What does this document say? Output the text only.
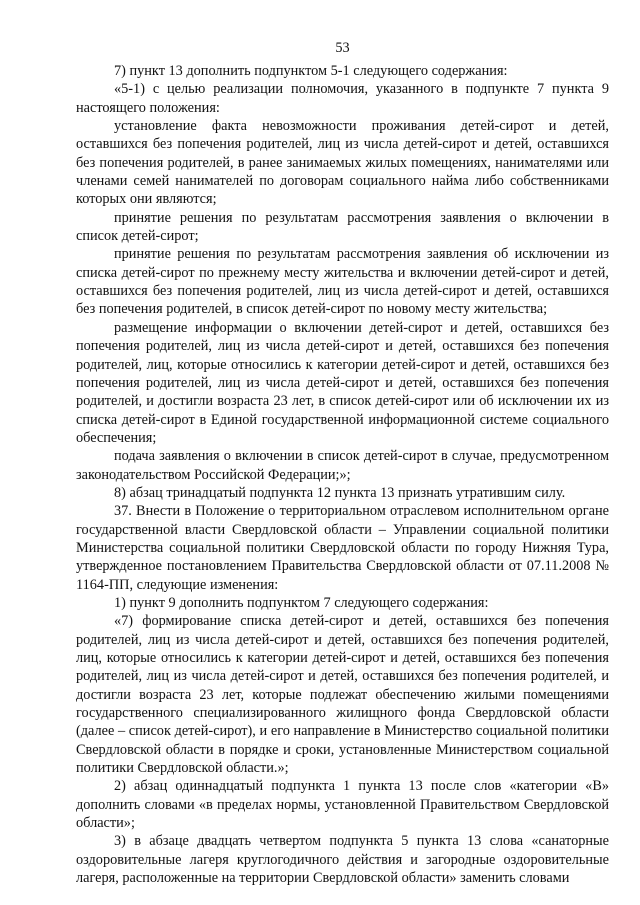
53

7) пункт 13 дополнить подпунктом 5-1 следующего содержания:

«5-1) с целью реализации полномочия, указанного в подпункте 7 пункта 9 настоящего положения:

установление факта невозможности проживания детей-сирот и детей, оставшихся без попечения родителей, лиц из числа детей-сирот и детей, оставшихся без попечения родителей, в ранее занимаемых жилых помещениях, нанимателями или членами семей нанимателей по договорам социального найма либо собственниками которых они являются;

принятие решения по результатам рассмотрения заявления о включении в список детей-сирот;

принятие решения по результатам рассмотрения заявления об исключении из списка детей-сирот по прежнему месту жительства и включении детей-сирот и детей, оставшихся без попечения родителей, лиц из числа детей-сирот и детей, оставшихся без попечения родителей, в список детей-сирот по новому месту жительства;

размещение информации о включении детей-сирот и детей, оставшихся без попечения родителей, лиц из числа детей-сирот и детей, оставшихся без попечения родителей, лиц, которые относились к категории детей-сирот и детей, оставшихся без попечения родителей, лиц из числа детей-сирот и детей, оставшихся без попечения родителей, и достигли возраста 23 лет, в список детей-сирот или об исключении их из списка детей-сирот в Единой государственной информационной системе социального обеспечения;

подача заявления о включении в список детей-сирот в случае, предусмотренном законодательством Российской Федерации;»;

8) абзац тринадцатый подпункта 12 пункта 13 признать утратившим силу.

37. Внести в Положение о территориальном отраслевом исполнительном органе государственной власти Свердловской области – Управлении социальной политики Министерства социальной политики Свердловской области по городу Нижняя Тура, утвержденное постановлением Правительства Свердловской области от 07.11.2008 № 1164-ПП, следующие изменения:

1) пункт 9 дополнить подпунктом 7 следующего содержания:

«7) формирование списка детей-сирот и детей, оставшихся без попечения родителей, лиц из числа детей-сирот и детей, оставшихся без попечения родителей, лиц, которые относились к категории детей-сирот и детей, оставшихся без попечения родителей, лиц из числа детей-сирот и детей, оставшихся без попечения родителей, и достигли возраста 23 лет, которые подлежат обеспечению жилыми помещениями государственного специализированного жилищного фонда Свердловской области (далее – список детей-сирот), и его направление в Министерство социальной политики Свердловской области в порядке и сроки, установленные Министерством социальной политики Свердловской области.»;

2) абзац одиннадцатый подпункта 1 пункта 13 после слов «категории «В» дополнить словами «в пределах нормы, установленной Правительством Свердловской области»;

3) в абзаце двадцать четвертом подпункта 5 пункта 13 слова «санаторные оздоровительные лагеря круглогодичного действия и загородные оздоровительные лагеря, расположенные на территории Свердловской области» заменить словами
